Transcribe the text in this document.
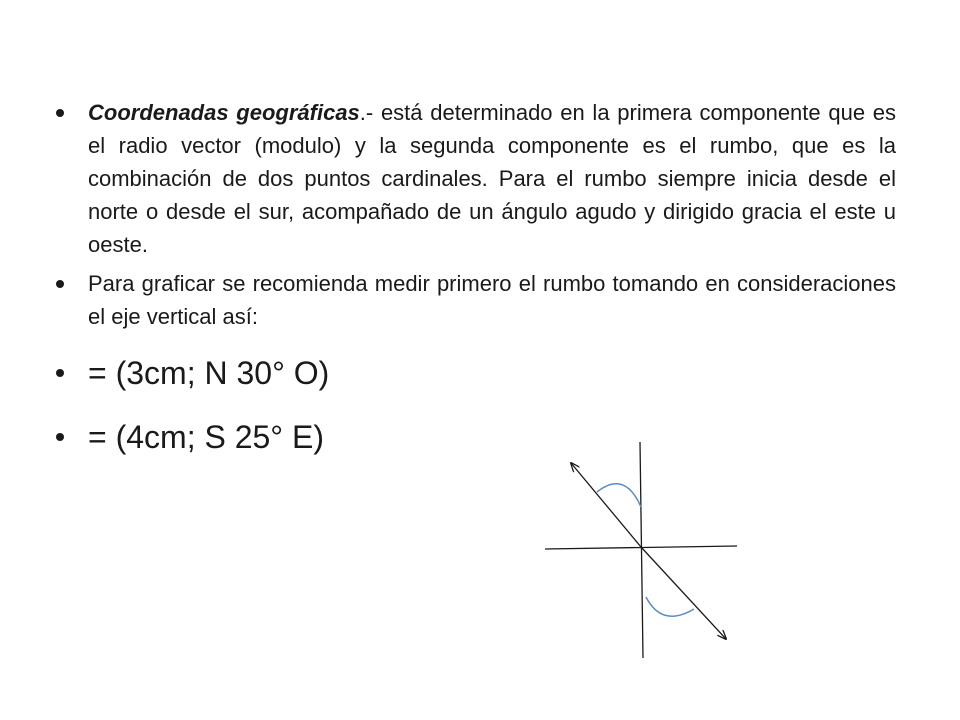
Coordenadas geográficas.- está determinado en la primera componente que es el radio vector (modulo) y la segunda componente es el rumbo, que es la combinación de dos puntos cardinales. Para el rumbo siempre inicia desde el norte o desde el sur, acompañado de un ángulo agudo y dirigido gracia el este u oeste.
Para graficar se recomienda medir primero el rumbo tomando en consideraciones el eje vertical así:
= (3cm; N 30° O)
= (4cm; S 25° E)
